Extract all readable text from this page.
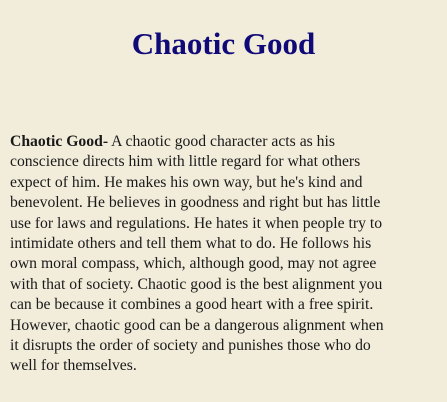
Chaotic Good

Chaotic Good- A chaotic good character acts as his
conscience directs him with little regard for what others
expect of him. He makes his own way, but he's kind and
benevolent. He believes in goodness and right but has little
use for laws and regulations. He hates it when people try to
intimidate others and tell them what to do. He follows his
own moral compass, which, although good, may not agree
with that of society. Chaotic good is the best alignment you
can be because it combines a good heart with a free spirit.
However, chaotic good can be a dangerous alignment when
it disrupts the order of society and punishes those who do
well for themselves.
